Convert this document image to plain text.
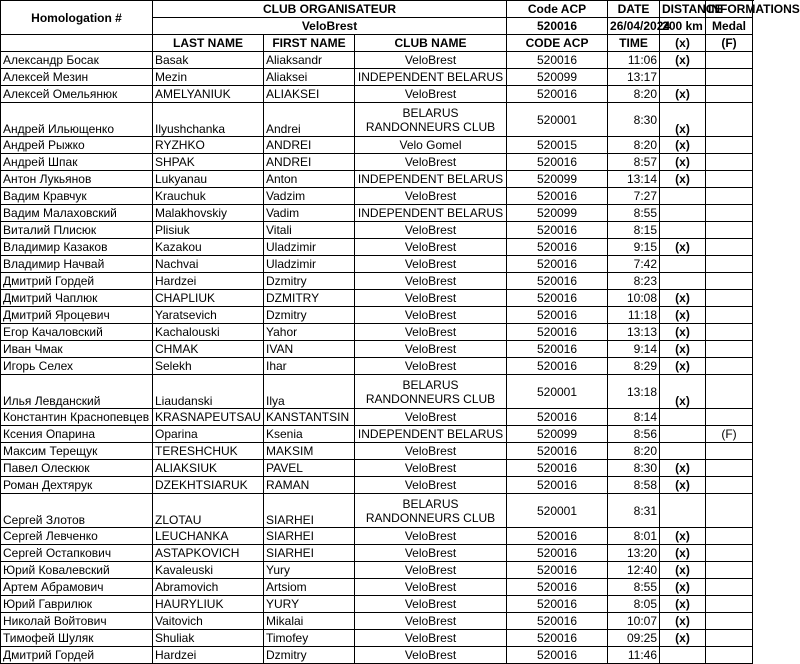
Homologation #	CLUB ORGANISATEUR			Code ACP	DATE	DISTANCE	INFORMATIONS	
	VeloBrest			520016	26/04/2024	200 km	Medal	
	LAST NAME	FIRST NAME	CLUB NAME	CODE ACP	TIME	(x)	(F)	
Александр Босак	Basak	Aliaksandr	VeloBrest	520016	11:06	(x)		
Алексей Мезин	Mezin	Aliaksei	INDEPENDENT BELARUS	520099	13:17			
Алексей Омельянюк	AMELYANIUK	ALIAKSEI	VeloBrest	520016	8:20	(x)		
Андрей Ильющенко	Ilyushchanka	Andrei	BELARUS RANDONNEURS CLUB	520001	8:30	(x)		
Андрей Рыжко	RYZHKO	ANDREI	Velo Gomel	520015	8:20	(x)		
Андрей Шпак	SHPAK	ANDREI	VeloBrest	520016	8:57	(x)		
Антон Лукьянов	Lukyanau	Anton	INDEPENDENT BELARUS	520099	13:14	(x)		
Вадим Кравчук	Krauchuk	Vadzim	VeloBrest	520016	7:27			
Вадим Малаховский	Malakhovskiy	Vadim	INDEPENDENT BELARUS	520099	8:55			
Виталий Плисюк	Plisiuk	Vitali	VeloBrest	520016	8:15			
Владимир Казаков	Kazakou	Uladzimir	VeloBrest	520016	9:15	(x)		
Владимир Начвай	Nachvai	Uladzimir	VeloBrest	520016	7:42			
Дмитрий Гордей	Hardzei	Dzmitry	VeloBrest	520016	8:23			
Дмитрий Чаплюк	CHAPLIUK	DZMITRY	VeloBrest	520016	10:08	(x)		
Дмитрий Яроцевич	Yaratsevich	Dzmitry	VeloBrest	520016	11:18	(x)		
Егор Качаловский	Kachalouski	Yahor	VeloBrest	520016	13:13	(x)		
Иван Чмак	CHMAK	IVAN	VeloBrest	520016	9:14	(x)		
Игорь Селех	Selekh	Ihar	VeloBrest	520016	8:29	(x)		
Илья Левданский	Liaudanski	Ilya	BELARUS RANDONNEURS CLUB	520001	13:18	(x)		
Константин Краснопевцев	KRASNAPEUTSAU	KANSTANTSIN	VeloBrest	520016	8:14			
Ксения Опарина	Oparina	Ksenia	INDEPENDENT BELARUS	520099	8:56		(F)	
Максим Терещук	TERESHCHUK	MAKSIM	VeloBrest	520016	8:20			
Павел Олескюк	ALIAKSIUK	PAVEL	VeloBrest	520016	8:30	(x)		
Роман Дехтярук	DZEKHTSIARUK	RAMAN	VeloBrest	520016	8:58	(x)		
Сергей Злотов	ZLOTAU	SIARHEI	BELARUS RANDONNEURS CLUB	520001	8:31			
Сергей Левченко	LEUCHANKA	SIARHEI	VeloBrest	520016	8:01	(x)		
Сергей Остапкович	ASTAPKOVICH	SIARHEI	VeloBrest	520016	13:20	(x)		
Юрий Ковалевский	Kavaleuski	Yury	VeloBrest	520016	12:40	(x)		
Артем Абрамович	Abramovich	Artsiom	VeloBrest	520016	8:55	(x)		
Юрий Гаврилюк	HAURYLIUK	YURY	VeloBrest	520016	8:05	(x)		
Николай Войтович	Vaitovich	Mikalai	VeloBrest	520016	10:07	(x)		
Тимофей Шуляк	Shuliak	Timofey	VeloBrest	520016	09:25	(x)		
Дмитрий Гордей	Hardzei	Dzmitry	VeloBrest	520016	11:46			
